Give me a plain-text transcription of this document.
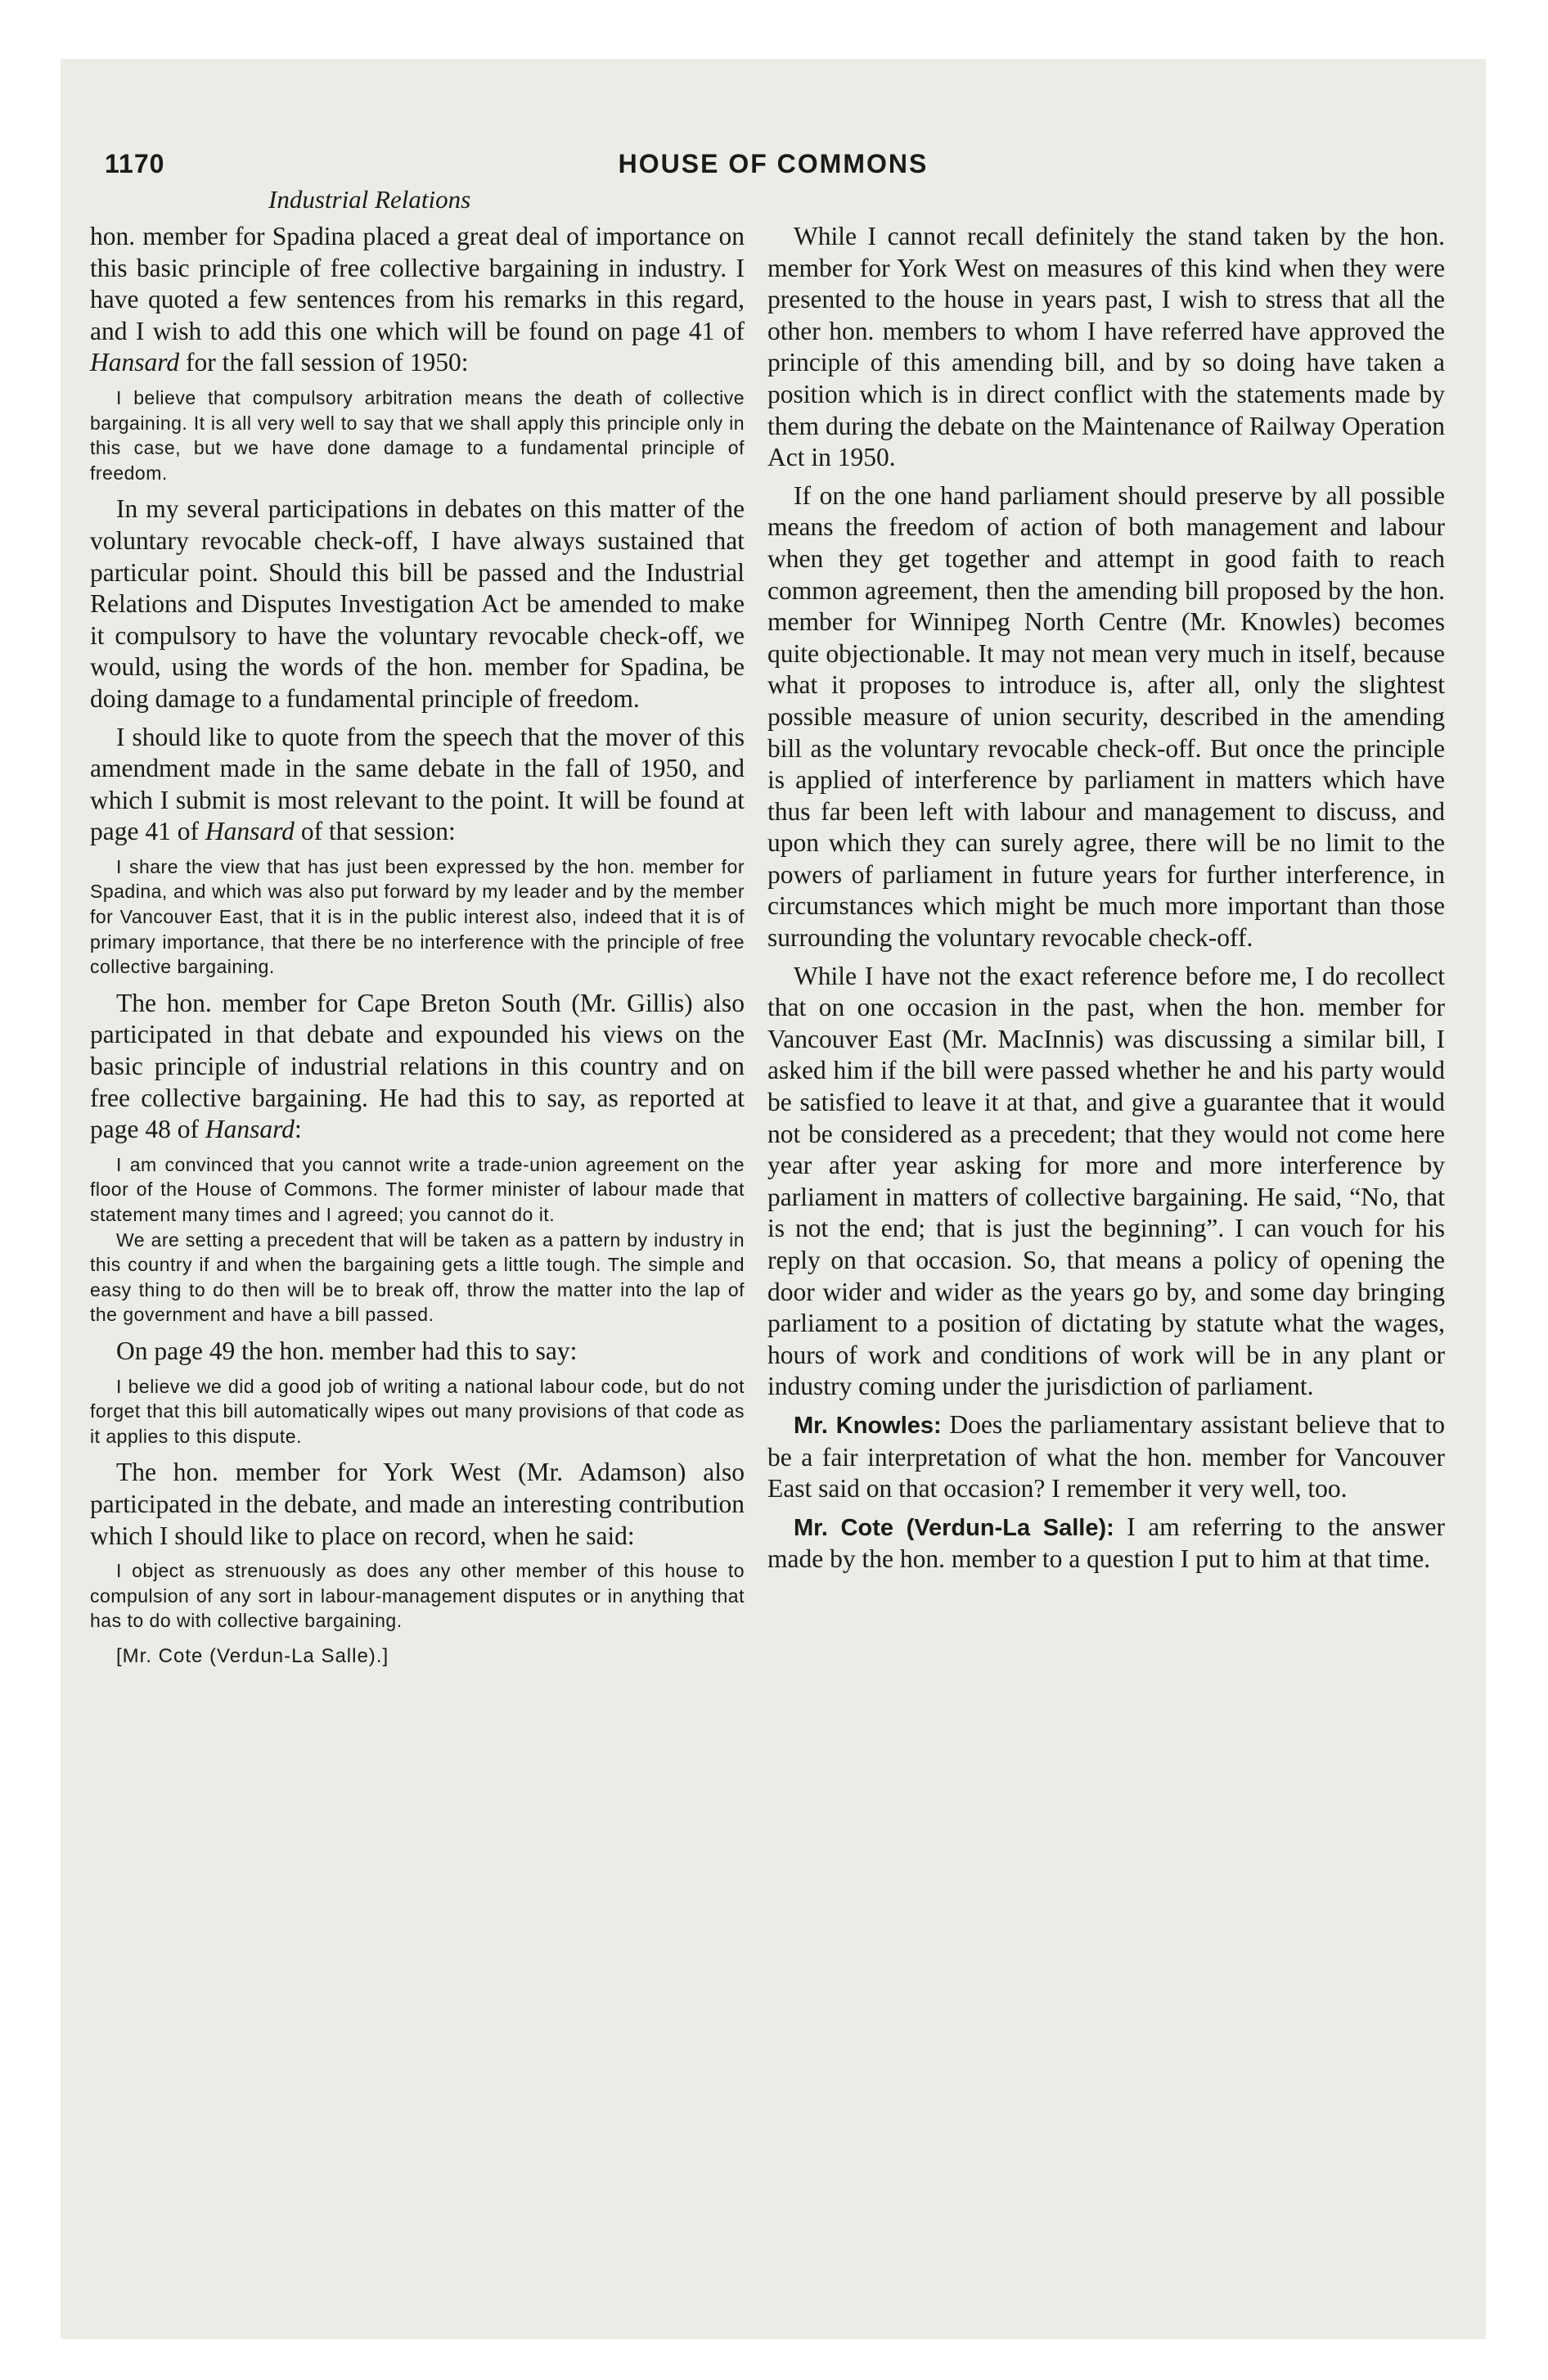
1170	HOUSE OF COMMONS
Industrial Relations

hon. member for Spadina placed a great deal of importance on this basic principle of free collective bargaining in industry. I have quoted a few sentences from his remarks in this regard, and I wish to add this one which will be found on page 41 of Hansard for the fall session of 1950:

I believe that compulsory arbitration means the death of collective bargaining. It is all very well to say that we shall apply this principle only in this case, but we have done damage to a fundamental principle of freedom.

In my several participations in debates on this matter of the voluntary revocable check-off, I have always sustained that particular point. Should this bill be passed and the Industrial Relations and Disputes Investigation Act be amended to make it compulsory to have the voluntary revocable check-off, we would, using the words of the hon. member for Spadina, be doing damage to a fundamental principle of freedom.

I should like to quote from the speech that the mover of this amendment made in the same debate in the fall of 1950, and which I submit is most relevant to the point. It will be found at page 41 of Hansard of that session:

I share the view that has just been expressed by the hon. member for Spadina, and which was also put forward by my leader and by the member for Vancouver East, that it is in the public interest also, indeed that it is of primary importance, that there be no interference with the principle of free collective bargaining.

The hon. member for Cape Breton South (Mr. Gillis) also participated in that debate and expounded his views on the basic principle of industrial relations in this country and on free collective bargaining. He had this to say, as reported at page 48 of Hansard:

I am convinced that you cannot write a trade-union agreement on the floor of the House of Commons. The former minister of labour made that statement many times and I agreed; you cannot do it.

We are setting a precedent that will be taken as a pattern by industry in this country if and when the bargaining gets a little tough. The simple and easy thing to do then will be to break off, throw the matter into the lap of the government and have a bill passed.

On page 49 the hon. member had this to say:

I believe we did a good job of writing a national labour code, but do not forget that this bill automatically wipes out many provisions of that code as it applies to this dispute.

The hon. member for York West (Mr. Adamson) also participated in the debate, and made an interesting contribution which I should like to place on record, when he said:

I object as strenuously as does any other member of this house to compulsion of any sort in labour-management disputes or in anything that has to do with collective bargaining.

[Mr. Cote (Verdun-La Salle).]

While I cannot recall definitely the stand taken by the hon. member for York West on measures of this kind when they were presented to the house in years past, I wish to stress that all the other hon. members to whom I have referred have approved the principle of this amending bill, and by so doing have taken a position which is in direct conflict with the statements made by them during the debate on the Maintenance of Railway Operation Act in 1950.

If on the one hand parliament should preserve by all possible means the freedom of action of both management and labour when they get together and attempt in good faith to reach common agreement, then the amending bill proposed by the hon. member for Winnipeg North Centre (Mr. Knowles) becomes quite objectionable. It may not mean very much in itself, because what it proposes to introduce is, after all, only the slightest possible measure of union security, described in the amending bill as the voluntary revocable check-off. But once the principle is applied of interference by parliament in matters which have thus far been left with labour and management to discuss, and upon which they can surely agree, there will be no limit to the powers of parliament in future years for further interference, in circumstances which might be much more important than those surrounding the voluntary revocable check-off.

While I have not the exact reference before me, I do recollect that on one occasion in the past, when the hon. member for Vancouver East (Mr. MacInnis) was discussing a similar bill, I asked him if the bill were passed whether he and his party would be satisfied to leave it at that, and give a guarantee that it would not be considered as a precedent; that they would not come here year after year asking for more and more interference by parliament in matters of collective bargaining. He said, “No, that is not the end; that is just the beginning”. I can vouch for his reply on that occasion. So, that means a policy of opening the door wider and wider as the years go by, and some day bringing parliament to a position of dictating by statute what the wages, hours of work and conditions of work will be in any plant or industry coming under the jurisdiction of parliament.

Mr. Knowles: Does the parliamentary assistant believe that to be a fair interpretation of what the hon. member for Vancouver East said on that occasion? I remember it very well, too.

Mr. Cote (Verdun-La Salle): I am referring to the answer made by the hon. member to a question I put to him at that time.
